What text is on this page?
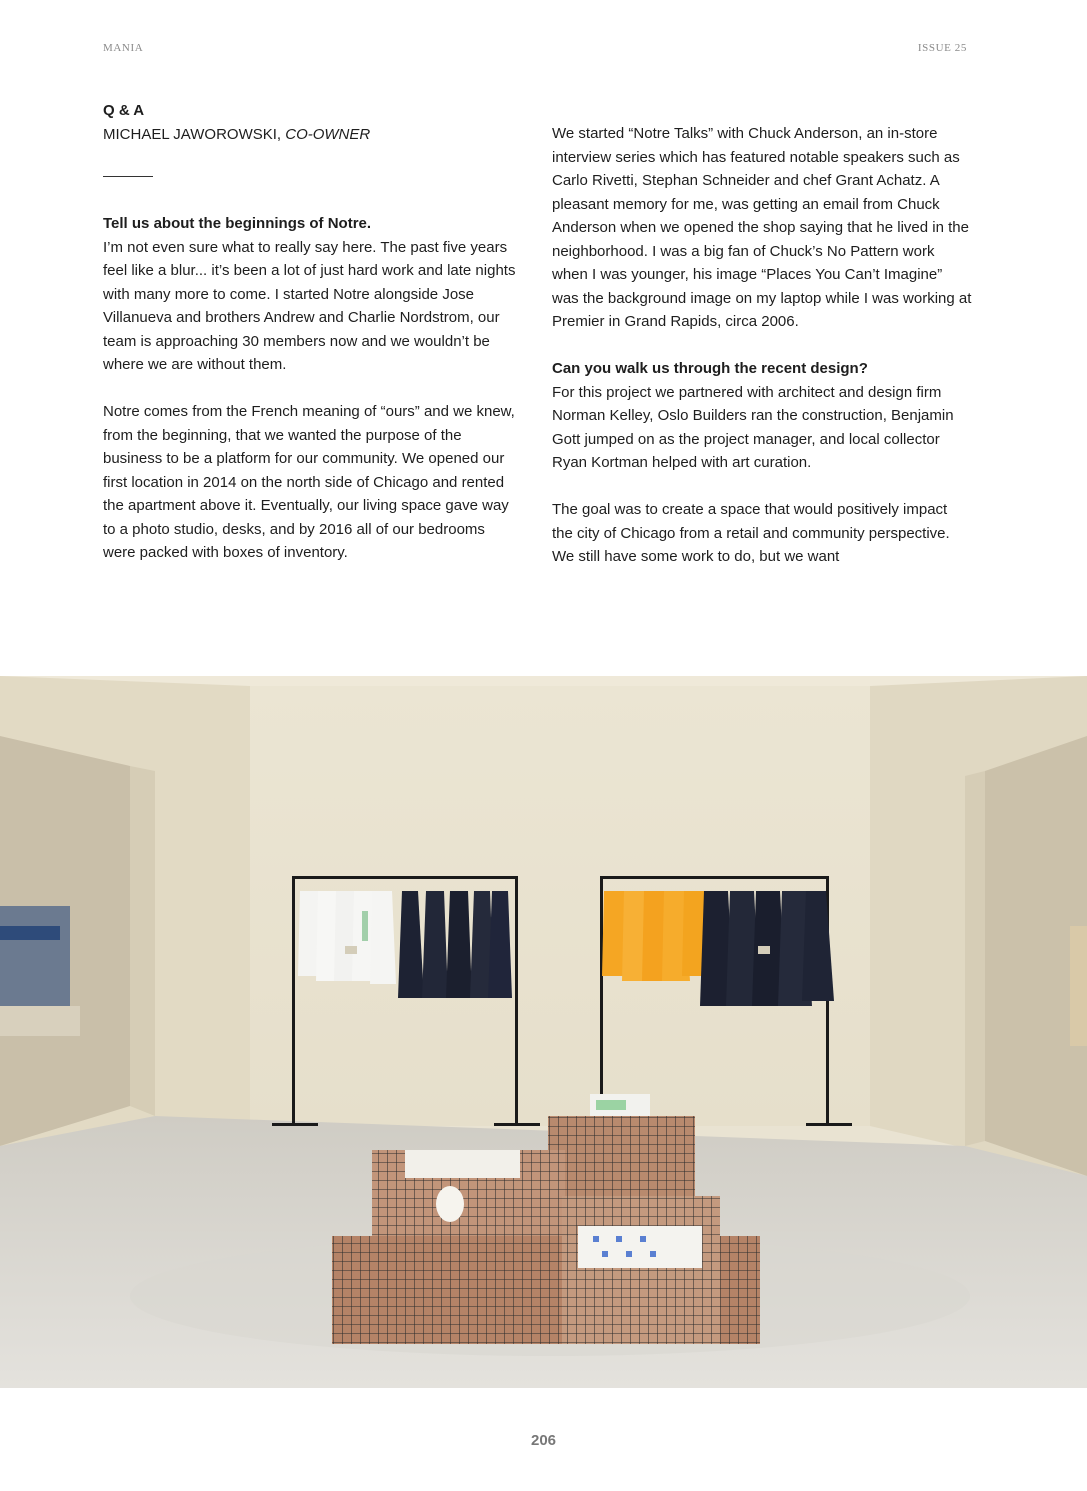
MANIA	ISSUE 25

Q & A

MICHAEL JAWOROWSKI, CO-OWNER

Tell us about the beginnings of Notre.

I’m not even sure what to really say here. The past five years feel like a blur... it’s been a lot of just hard work and late nights with many more to come. I started Notre alongside Jose Villanueva and brothers Andrew and Charlie Nordstrom, our team is approaching 30 members now and we wouldn’t be where we are without them.

Notre comes from the French meaning of “ours” and we knew, from the beginning, that we wanted the purpose of the business to be a platform for our community. We opened our first location in 2014 on the north side of Chicago and rented the apartment above it. Eventually, our living space gave way to a photo studio, desks, and by 2016 all of our bedrooms were packed with boxes of inventory.

We started “Notre Talks” with Chuck Anderson, an in-store interview series which has featured notable speakers such as Carlo Rivetti, Stephan Schneider and chef Grant Achatz. A pleasant memory for me, was getting an email from Chuck Anderson when we opened the shop saying that he lived in the neighborhood. I was a big fan of Chuck’s No Pattern work when I was younger, his image “Places You Can’t Imagine” was the background image on my laptop while I was working at Premier in Grand Rapids, circa 2006.

Can you walk us through the recent design?

For this project we partnered with architect and design firm Norman Kelley, Oslo Builders ran the construction, Benjamin Gott jumped on as the project manager, and local collector Ryan Kortman helped with art curation.

The goal was to create a space that would positively impact the city of Chicago from a retail and community perspective. We still have some work to do, but we want

206
